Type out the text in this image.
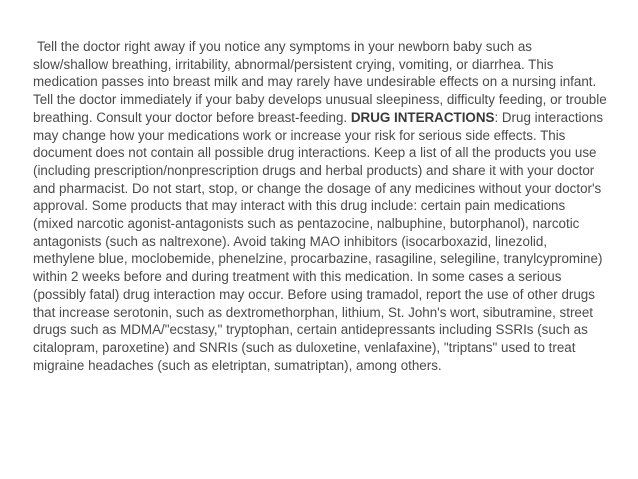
Tell the doctor right away if you notice any symptoms in your newborn baby such as slow/shallow breathing, irritability, abnormal/persistent crying, vomiting, or diarrhea. This medication passes into breast milk and may rarely have undesirable effects on a nursing infant. Tell the doctor immediately if your baby develops unusual sleepiness, difficulty feeding, or trouble breathing. Consult your doctor before breast-feeding. DRUG INTERACTIONS: Drug interactions may change how your medications work or increase your risk for serious side effects. This document does not contain all possible drug interactions. Keep a list of all the products you use (including prescription/nonprescription drugs and herbal products) and share it with your doctor and pharmacist. Do not start, stop, or change the dosage of any medicines without your doctor's approval. Some products that may interact with this drug include: certain pain medications (mixed narcotic agonist-antagonists such as pentazocine, nalbuphine, butorphanol), narcotic antagonists (such as naltrexone). Avoid taking MAO inhibitors (isocarboxazid, linezolid, methylene blue, moclobemide, phenelzine, procarbazine, rasagiline, selegiline, tranylcypromine) within 2 weeks before and during treatment with this medication. In some cases a serious (possibly fatal) drug interaction may occur. Before using tramadol, report the use of other drugs that increase serotonin, such as dextromethorphan, lithium, St. John's wort, sibutramine, street drugs such as MDMA/"ecstasy," tryptophan, certain antidepressants including SSRIs (such as citalopram, paroxetine) and SNRIs (such as duloxetine, venlafaxine), "triptans" used to treat migraine headaches (such as eletriptan, sumatriptan), among others.
